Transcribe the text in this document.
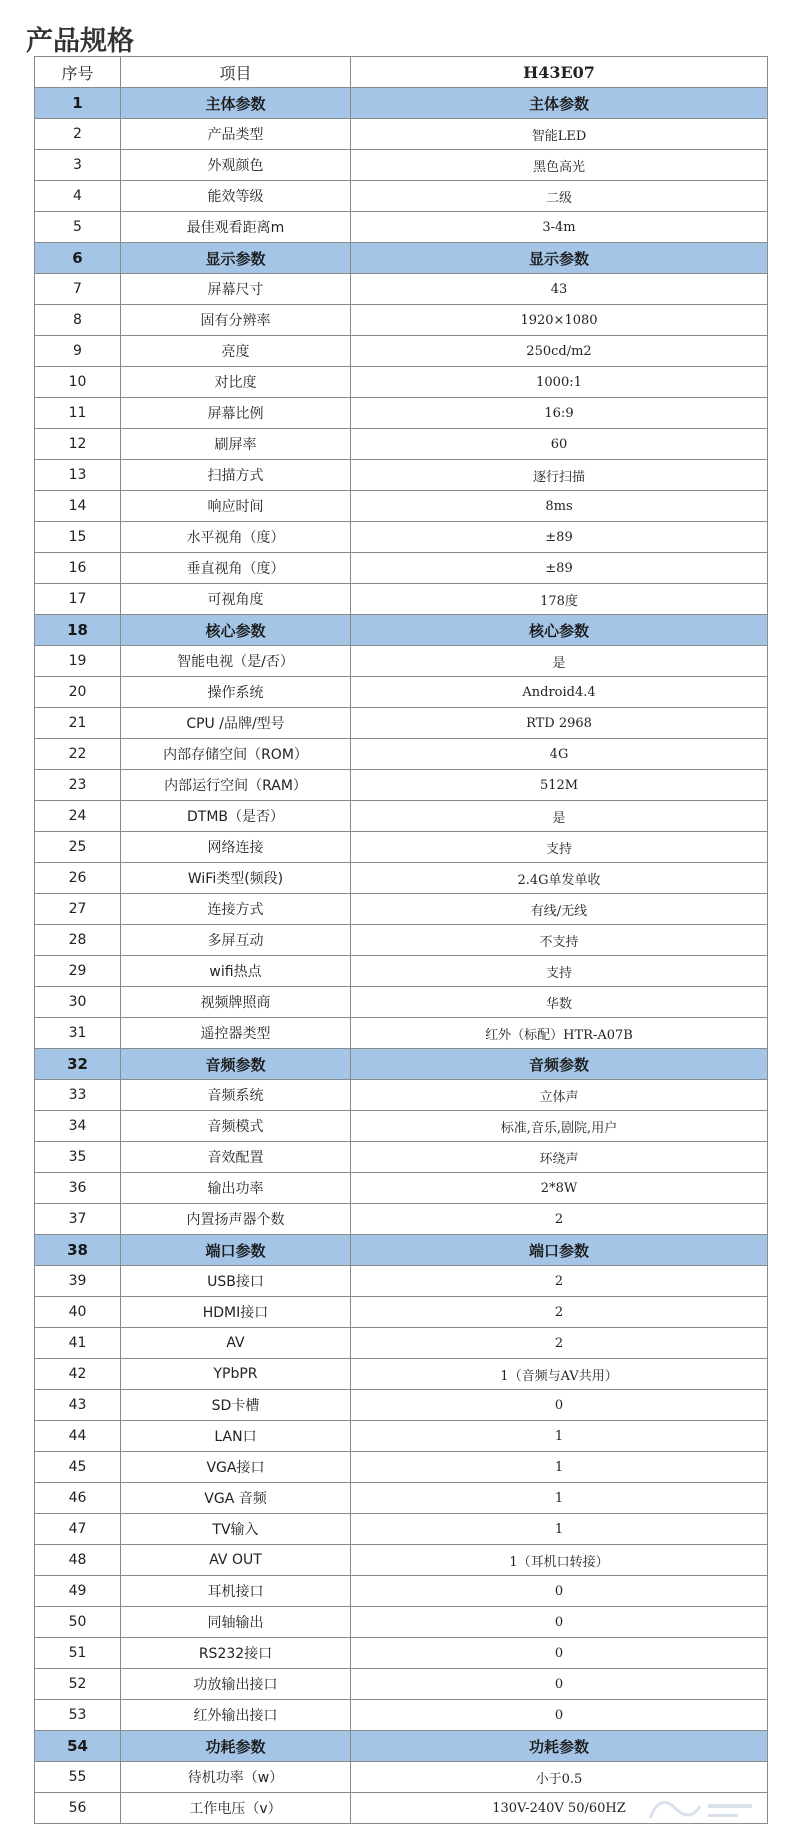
产品规格
序号	项目	H43E07
1	主体参数	主体参数
2	产品类型	智能LED
3	外观颜色	黑色高光
4	能效等级	二级
5	最佳观看距离m	3-4m
6	显示参数	显示参数
7	屏幕尺寸	43
8	固有分辨率	1920×1080
9	亮度	250cd/m2
10	对比度	1000:1
11	屏幕比例	16:9
12	刷屏率	60
13	扫描方式	逐行扫描
14	响应时间	8ms
15	水平视角（度）	±89
16	垂直视角（度）	±89
17	可视角度	178度
18	核心参数	核心参数
19	智能电视（是/否）	是
20	操作系统	Android4.4
21	CPU /品牌/型号	RTD 2968
22	内部存储空间（ROM）	4G
23	内部运行空间（RAM）	512M
24	DTMB（是否）	是
25	网络连接	支持
26	WiFi类型(频段)	2.4G单发单收
27	连接方式	有线/无线
28	多屏互动	不支持
29	wifi热点	支持
30	视频牌照商	华数
31	遥控器类型	红外（标配）HTR-A07B
32	音频参数	音频参数
33	音频系统	立体声
34	音频模式	标准,音乐,剧院,用户
35	音效配置	环绕声
36	输出功率	2*8W
37	内置扬声器个数	2
38	端口参数	端口参数
39	USB接口	2
40	HDMI接口	2
41	AV	2
42	YPbPR	1（音频与AV共用）
43	SD卡槽	0
44	LAN口	1
45	VGA接口	1
46	VGA 音频	1
47	TV输入	1
48	AV OUT	1（耳机口转接）
49	耳机接口	0
50	同轴输出	0
51	RS232接口	0
52	功放输出接口	0
53	红外输出接口	0
54	功耗参数	功耗参数
55	待机功率（w）	小于0.5
56	工作电压（v）	130V-240V 50/60HZ
